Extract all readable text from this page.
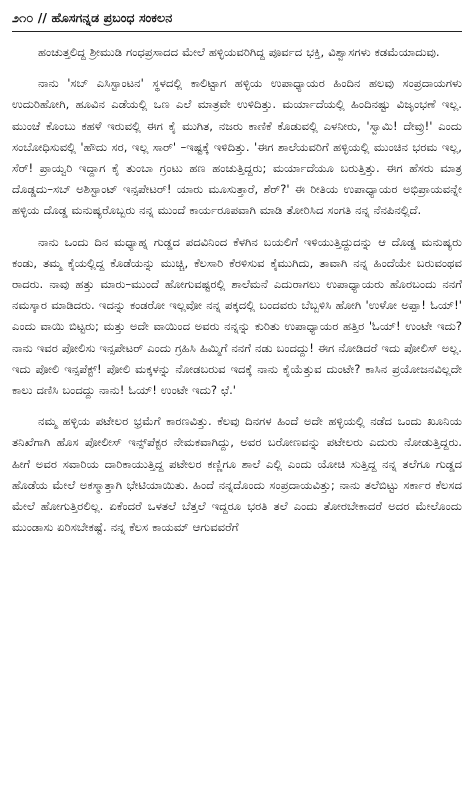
೨೧೦ // ಹೊಸಗನ್ನಡ ಪ್ರಬಂಧ ಸಂಕಲನ

ಹಂಚುತ್ತಲಿದ್ದ ಶ್ರೀಮುಡಿ ಗಂಧಪ್ರಸಾದದ ಮೇಲೆ ಹಳ್ಳಿಯವರಿಗಿದ್ದ ಪೂರ್ವದ ಭಕ್ತಿ, ವಿಶ್ವಾಸಗಳು ಕಡಮೆಯಾದುವು.

ನಾನು 'ಸಬ್ ಎಸಿಸ್ಟಾಂಟನ' ಸ್ಥಳದಲ್ಲಿ ಕಾಲಿಟ್ಟಾಗ ಹಳ್ಳಿಯ ಉಪಾಧ್ಯಾಯರ ಹಿಂದಿನ ಹಲವು ಸಂಪ್ರದಾಯಗಳು ಉದುರಿಹೋಗಿ, ಹೂವಿನ ಎಡೆಯಲ್ಲಿ ಒಣ ಎಲೆ ಮಾತ್ರವೇ ಉಳಿದಿತ್ತು. ಮರ್ಯಾದೆಯಲ್ಲಿ ಹಿಂದಿನಷ್ಟು ವಿಜೃಂಭಣೆ ಇಲ್ಲ. ಮುಂಚೆ ಕೊಂಬು ಕಹಳೆ ಇರುವಲ್ಲಿ ಈಗ ಕೈ ಮುಗಿತ, ನಜರು ಕಾಣಿಕೆ ಕೊಡುವಲ್ಲಿ ಎಳನೀರು, 'ಸ್ವಾಮಿ! ದೇವ್ರು!' ಎಂದು ಸಂಬೋಧಿಸುವಲ್ಲಿ 'ಹೌದು ಸರ, ಇಲ್ಲ ಸಾರ್' –ಇಷ್ಟಕ್ಕೆ ಇಳಿದಿತ್ತು. 'ಈಗ ಶಾಲೆಯವರಿಗೆ ಹಳ್ಳಿಯಲ್ಲಿ ಮುಂಚಿನ ಭರಮ ಇಲ್ಲ, ಸೆರ್! ಪ್ರಾಯ್ವರಿ ಇದ್ದಾಗ ಕೈ ತುಂಬಾ ಗ್ರಂಟು ಹಣ ಹಂಚುತ್ತಿದ್ದರು; ಮರ್ಯಾದೆಯೂ ಬರುತ್ತಿತ್ತು. ಈಗ ಹೆಸರು ಮಾತ್ರ ದೊಡ್ಡದು–ಸಬ್ ಅಶಿಸ್ಟಾಂಟ್ ಇನ್ಸಪೇಟರ್! ಯಾರು ಮೂಸುತ್ತಾರೆ, ಶೆರ್?' ಈ ರೀತಿಯ ಉಪಾಧ್ಯಾಯರ ಅಭಿಪ್ರಾಯವನ್ನೇ ಹಳ್ಳಿಯ ದೊಡ್ಡ ಮನುಷ್ಯರೊಬ್ಬರು ನನ್ನ ಮುಂದೆ ಕಾರ್ಯರೂಪವಾಗಿ ಮಾಡಿ ತೋರಿಸಿದ ಸಂಗತಿ ನನ್ನ ನೆನಪಿನಲ್ಲಿದೆ.

ನಾನು ಒಂದು ದಿನ ಮಧ್ಯಾಹ್ನ ಗುಡ್ಡದ ಪದವಿನಿಂದ ಕೆಳಗಿನ ಬಯಲಿಗೆ ಇಳಿಯುತ್ತಿದ್ದುದನ್ನು ಆ ದೊಡ್ಡ ಮನುಷ್ಯರು ಕಂಡು, ತಮ್ಮ ಕೈಯಲ್ಲಿದ್ದ ಕೊಡೆಯನ್ನು ಮುಚ್ಚಿ, ಕೆಲಸಾರಿ ಕೆರಳಿಸುವ ಕೈಮುಗಿದು, ತಾವಾಗಿ ನನ್ನ ಹಿಂದೆಯೇ ಬರುವಂಥವ ರಾದರು. ನಾವು ಹತ್ತು ಮಾರು–ಮುಂದೆ ಹೋಗುವಷ್ಟರಲ್ಲಿ ಶಾಲೆಮನೆ ಎದುರಾಗಲು ಉಪಾಧ್ಯಾಯರು ಹೊರಬಂದು ನನಗೆ ನಮಸ್ಕಾರ ಮಾಡಿದರು. ಇದನ್ನು ಕಂಡರೋ ಇಲ್ಲವೋ ನನ್ನ ಪಕ್ಕದಲ್ಲಿ ಬಂದವರು ಬೆಬ್ಬಳಿಸಿ ಹೋಗಿ 'ಉಳೋ ಅಪ್ಪಾ! ಓಯ್!' ಎಂದು ವಾಯಿ ಬಿಟ್ಟರು; ಮತ್ತು ಅದೇ ವಾಯಿಂದ ಅವರು ನನ್ನನ್ನು ಕುರಿತು ಉಪಾಧ್ಯಾಯರ ಹತ್ತಿರ 'ಓಯ್! ಉಂಟೇ ಇದು? ನಾನು ಇವರ ಪೋಲಿಸು ಇನ್ಸಪೇಟರ್ ಎಂದು ಗ್ರಹಿಸಿ ಹಿಮ್ಮಿಗೆ ನನಗೆ ನಡು ಬಂದದ್ದು! ಈಗ ನೋಡಿದರೆ ಇದು ಪೋಲಿಸ್ ಅಲ್ಲ. ಇದು ಪೋಲಿ ಇನ್ಸಪೆಕ್ಟ್! ಪೋಲಿ ಮಕ್ಕಳನ್ನು ನೋಡಬರುವ ಇದಕ್ಕೆ ನಾನು ಕೈಯೆತ್ತುವ ದುಂಟೇ? ಕಾಸಿನ ಪ್ರಯೋಜನವಿಲ್ಲದೇ ಕಾಲು ದಣಿಸಿ ಬಂದದ್ದು ನಾನು! ಓಯ್! ಉಂಟೇ ಇದು? ಛೆ.'

ನಮ್ಮ ಹಳ್ಳಿಯ ಪಟೇಲರ ಭ್ರಮೆಗೆ ಕಾರಣವಿತ್ತು. ಕೆಲವು ದಿನಗಳ ಹಿಂದೆ ಅದೇ ಹಳ್ಳಿಯಲ್ಲಿ ನಡೆದ ಒಂದು ಖೂನಿಯ ತನಿಖೆಗಾಗಿ ಹೊಸ ಪೋಲೀಸ್ ಇನ್ಸ್‌ಪೆಕ್ಟರ ನೇಮಕವಾಗಿದ್ದು, ಅವರ ಬರೋಣವನ್ನು ಪಟೇಲರು ಎದುರು ನೋಡುತ್ತಿದ್ದರು. ಹೀಗೆ ಅವರ ಸವಾರಿಯ ದಾರಿಕಾಯುತ್ತಿದ್ದ ಪಟೇಲರ ಕಣ್ಣಿಗೂ ಶಾಲೆ ಎಲ್ಲಿ ಎಂದು ಯೋಚಿ ಸುತ್ತಿದ್ದ ನನ್ನ ತಲೆಗೂ ಗುಡ್ಡದ ಹೊಡೆಯ ಮೇಲೆ ಅಕಸ್ಮಾತ್ತಾಗಿ ಭೇಟಿಯಾಯಿತು. ಹಿಂದೆ ನನ್ನದೊಂದು ಸಂಪ್ರದಾಯವಿತ್ತು; ನಾನು ತಲೆಬಿಟ್ಟು ಸರ್ಕಾರ ಕೆಲಸದ ಮೇಲೆ ಹೋಗುತ್ತಿರಲಿಲ್ಲ. ಏಕೆಂದರೆ ಒಳತಲೆ ಬೆತ್ತಲೆ ಇದ್ದರೂ ಭರತಿ ತಲೆ ಎಂದು ತೋರಬೇಕಾದರೆ ಅದರ ಮೇಲೊಂದು ಮುಂಡಾಸು ಏರಿಸಬೇಕಷ್ಟೆ. ನನ್ನ ಕೆಲಸ ಕಾಯಮ್ ಆಗುವವರೆಗೆ
